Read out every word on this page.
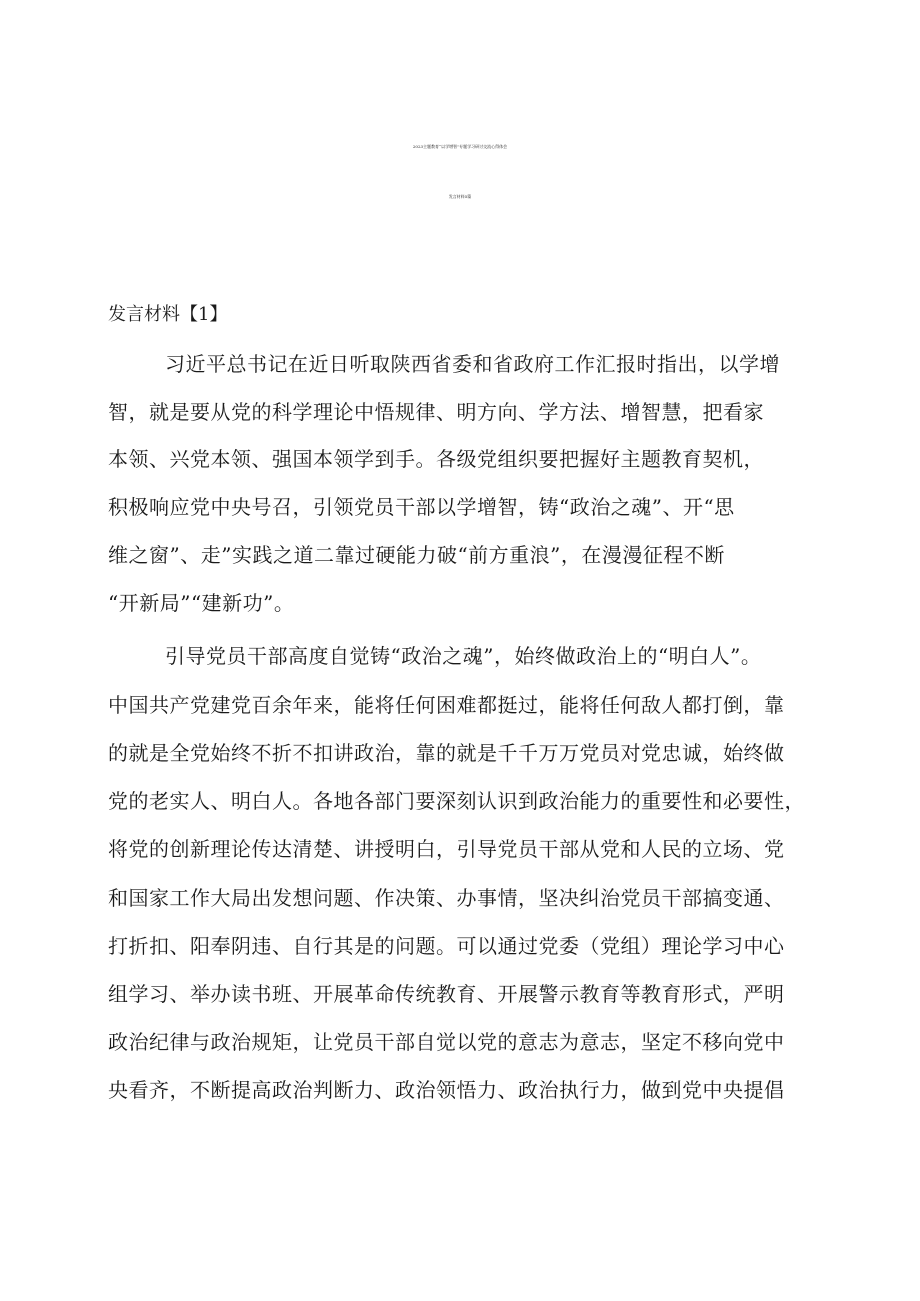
2023主题教育“以学增智”专题学习研讨交流心得体会
发言材料5篇
发言材料【1】
习近平总书记在近日听取陕西省委和省政府工作汇报时指出，以学增
智，就是要从党的科学理论中悟规律、明方向、学方法、增智慧，把看家
本领、兴党本领、强国本领学到手。各级党组织要把握好主题教育契机，
积极响应党中央号召，引领党员干部以学增智，铸“政治之魂”、开“思
维之窗”、走”实践之道二靠过硬能力破“前方重浪”，在漫漫征程不断
“开新局”“建新功”。
引导党员干部高度自觉铸“政治之魂”，始终做政治上的“明白人”。
中国共产党建党百余年来，能将任何困难都挺过，能将任何敌人都打倒，靠
的就是全党始终不折不扣讲政治，靠的就是千千万万党员对党忠诚，始终做
党的老实人、明白人。各地各部门要深刻认识到政治能力的重要性和必要性，
将党的创新理论传达清楚、讲授明白，引导党员干部从党和人民的立场、党
和国家工作大局出发想问题、作决策、办事情，坚决纠治党员干部搞变通、
打折扣、阳奉阴违、自行其是的问题。可以通过党委（党组）理论学习中心
组学习、举办读书班、开展革命传统教育、开展警示教育等教育形式，严明
政治纪律与政治规矩，让党员干部自觉以党的意志为意志，坚定不移向党中
央看齐，不断提高政治判断力、政治领悟力、政治执行力，做到党中央提倡
